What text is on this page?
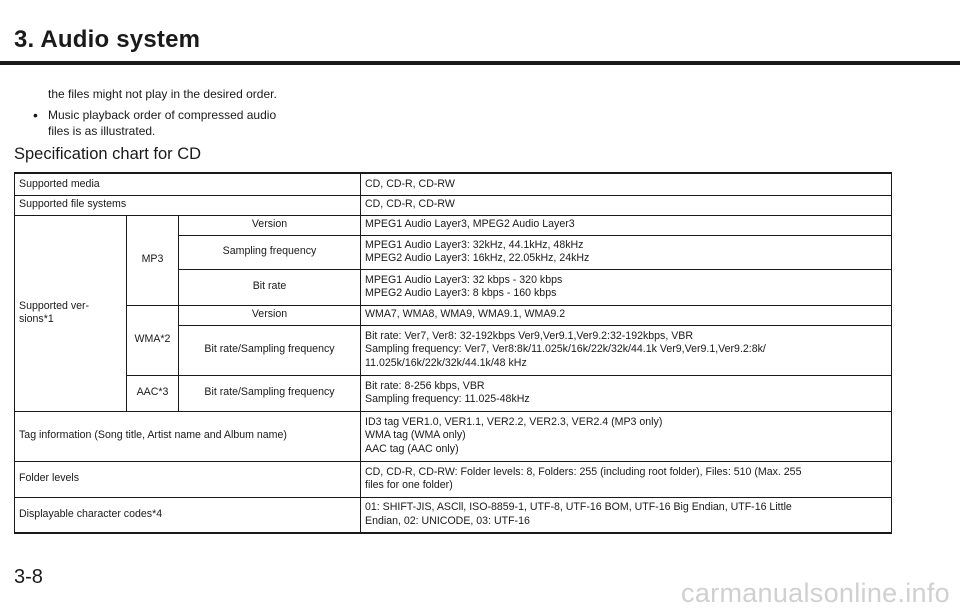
3. Audio system
the files might not play in the desired order.
• Music playback order of compressed audio
files is as illustrated.
Specification chart for CD
Supported media			CD, CD-R, CD-RW
Supported file systems			CD, CD-R, CD-RW

Supported ver-
sions*1	MP3	Version	MPEG1 Audio Layer3, MPEG2 Audio Layer3
		Sampling frequency	MPEG1 Audio Layer3: 32kHz, 44.1kHz, 48kHz
MPEG2 Audio Layer3: 16kHz, 22.05kHz, 24kHz

		Bit rate	MPEG1 Audio Layer3: 32 kbps - 320 kbps
MPEG2 Audio Layer3: 8 kbps - 160 kbps

	WMA*2	Version	WMA7, WMA8, WMA9, WMA9.1, WMA9.2
		Bit rate/Sampling frequency	Bit rate: Ver7, Ver8: 32-192kbps Ver9,Ver9.1,Ver9.2:32-192kbps, VBR
Sampling frequency: Ver7, Ver8:8k/11.025k/16k/22k/32k/44.1k Ver9,Ver9.1,Ver9.2:8k/
11.025k/16k/22k/32k/44.1k/48 kHz

	AAC*3	Bit rate/Sampling frequency	Bit rate: 8-256 kbps, VBR
Sampling frequency: 11.025-48kHz

Tag information (Song title, Artist name and Album name)			ID3 tag VER1.0, VER1.1, VER2.2, VER2.3, VER2.4 (MP3 only)
WMA tag (WMA only)
AAC tag (AAC only)

Folder levels			CD, CD-R, CD-RW: Folder levels: 8, Folders: 255 (including root folder), Files: 510 (Max. 255
files for one folder)

Displayable character codes*4			01: SHIFT-JIS, ASCll, ISO-8859-1, UTF-8, UTF-16 BOM, UTF-16 Big Endian, UTF-16 Little
Endian, 02: UNICODE, 03: UTF-16
3-8
carmanualsonline.info
